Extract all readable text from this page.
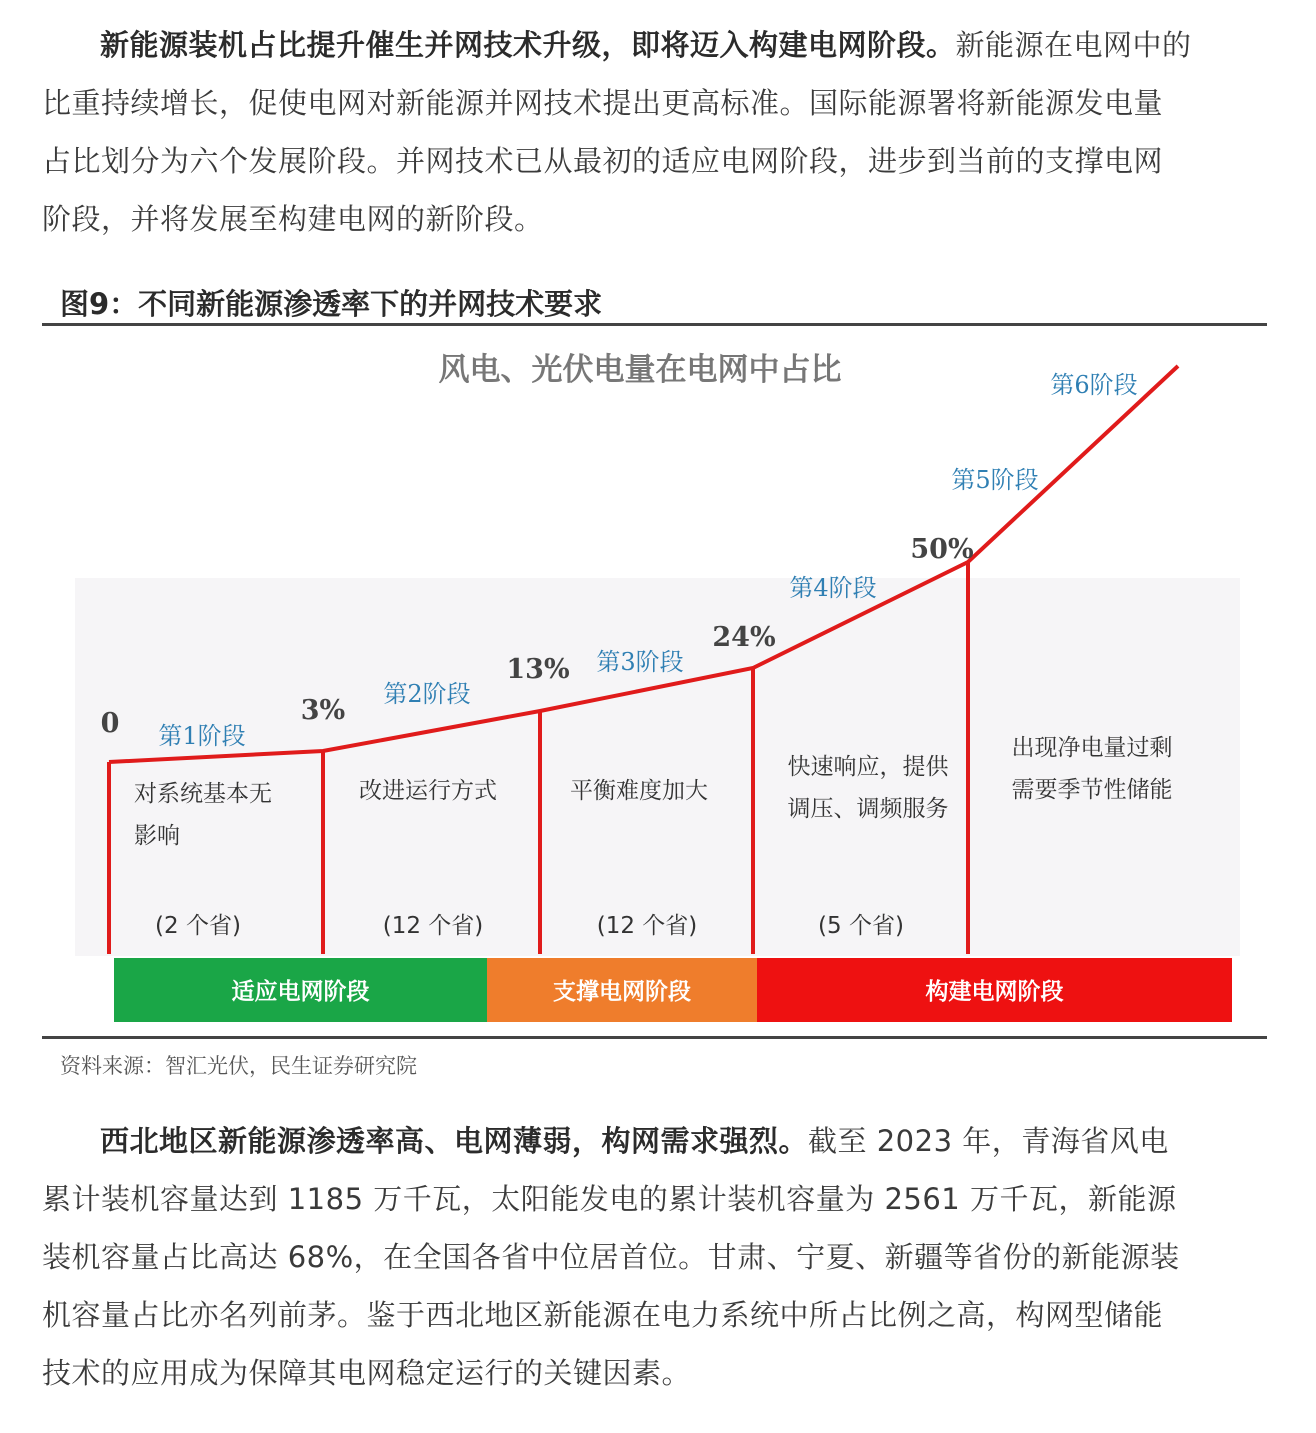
新能源装机占比提升催生并网技术升级，即将迈入构建电网阶段。新能源在电网中的比重持续增长，促使电网对新能源并网技术提出更高标准。国际能源署将新能源发电量占比划分为六个发展阶段。并网技术已从最初的适应电网阶段，进步到当前的支撑电网阶段，并将发展至构建电网的新阶段。

图9：不同新能源渗透率下的并网技术要求
风电、光伏电量在电网中占比
0	3%
13%
24%
50%
第1阶段
第2阶段
第3阶段
第4阶段
第5阶段
第6阶段
对系统基本无
影响
(2 个省)
改进运行方式
(12 个省)
平衡难度加大
(12 个省)
快速响应，提供
调压、调频服务
(5 个省)
出现净电量过剩
需要季节性储能
适应电网阶段	支撑电网阶段	构建电网阶段
资料来源：智汇光伏，民生证券研究院

西北地区新能源渗透率高、电网薄弱，构网需求强烈。截至 2023 年，青海省风电累计装机容量达到 1185 万千瓦，太阳能发电的累计装机容量为 2561 万千瓦，新能源装机容量占比高达 68%，在全国各省中位居首位。甘肃、宁夏、新疆等省份的新能源装机容量占比亦名列前茅。鉴于西北地区新能源在电力系统中所占比例之高，构网型储能技术的应用成为保障其电网稳定运行的关键因素。
